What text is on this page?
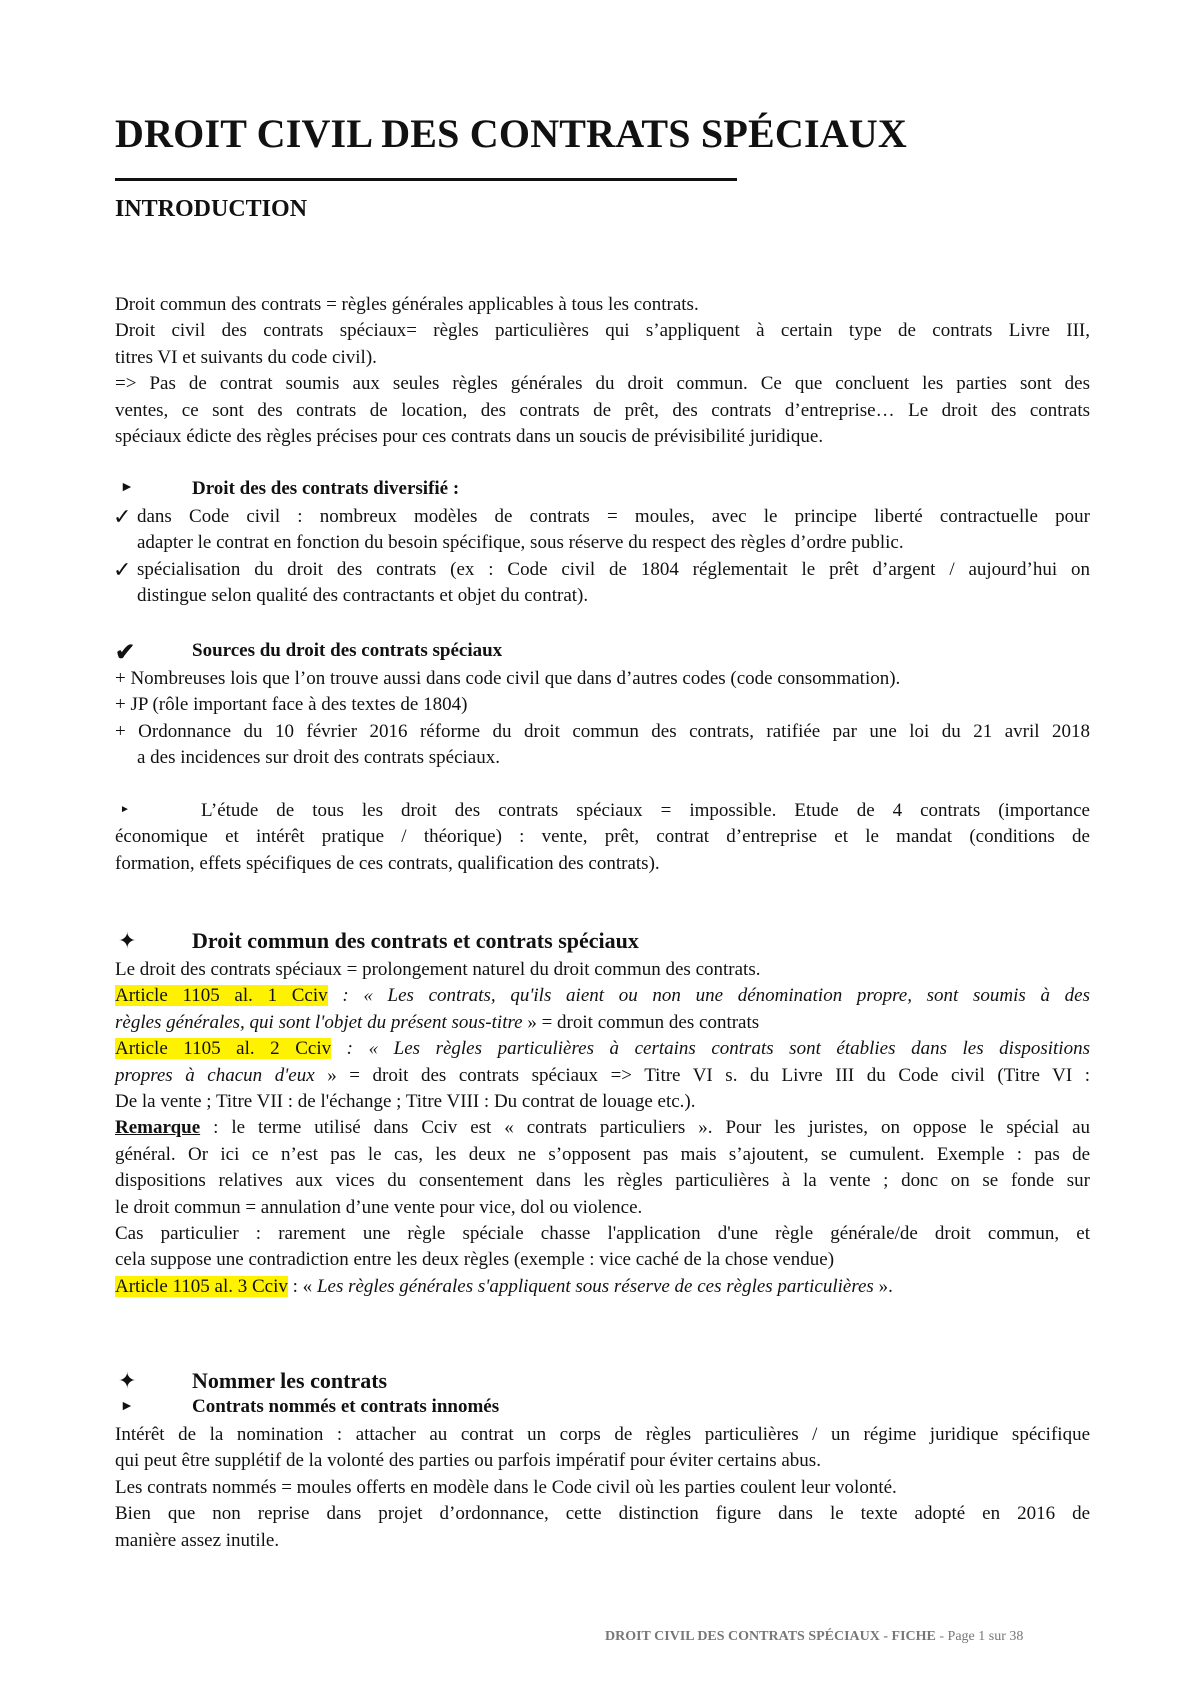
DROIT CIVIL DES CONTRATS SPÉCIAUX
INTRODUCTION
Droit commun des contrats = règles générales applicables à tous les contrats.
Droit civil des contrats spéciaux= règles particulières qui s’appliquent à certain type de contrats Livre III,
titres VI et suivants du code civil).
=> Pas de contrat soumis aux seules règles générales du droit commun. Ce que concluent les parties sont des
ventes, ce sont des contrats de location, des contrats de prêt, des contrats d’entreprise… Le droit des contrats
spéciaux édicte des règles précises pour ces contrats dans un soucis de prévisibilité juridique.
►	Droit des des contrats diversifié :
✓ dans Code civil : nombreux modèles de contrats = moules, avec le principe liberté contractuelle pour
adapter le contrat en fonction du besoin spécifique, sous réserve du respect des règles d’ordre public.
✓ spécialisation du droit des contrats (ex : Code civil de 1804 réglementait le prêt d’argent / aujourd’hui on
distingue selon qualité des contractants et objet du contrat).
✔	Sources du droit des contrats spéciaux
+ Nombreuses lois que l’on trouve aussi dans code civil que dans d’autres codes (code consommation).
+ JP (rôle important face à des textes de 1804)
+ Ordonnance du 10 février 2016 réforme du droit commun des contrats, ratifiée par une loi du 21 avril 2018
a des incidences sur droit des contrats spéciaux.
►	L’étude de tous les droit des contrats spéciaux = impossible. Etude de 4 contrats (importance
économique et intérêt pratique / théorique) : vente, prêt, contrat d’entreprise et le mandat (conditions de
formation, effets spécifiques de ces contrats, qualification des contrats).
✦	Droit commun des contrats et contrats spéciaux
Le droit des contrats spéciaux = prolongement naturel du droit commun des contrats.
Article 1105 al. 1 Cciv : « Les contrats, qu'ils aient ou non une dénomination propre, sont soumis à des
règles générales, qui sont l'objet du présent sous-titre » = droit commun des contrats
Article 1105 al. 2 Cciv : « Les règles particulières à certains contrats sont établies dans les dispositions
propres à chacun d'eux » = droit des contrats spéciaux => Titre VI s. du Livre III du Code civil (Titre VI :
De la vente ; Titre VII : de l'échange ; Titre VIII : Du contrat de louage etc.).
Remarque : le terme utilisé dans Cciv est « contrats particuliers ». Pour les juristes, on oppose le spécial au
général. Or ici ce n’est pas le cas, les deux ne s’opposent pas mais s’ajoutent, se cumulent. Exemple : pas de
dispositions relatives aux vices du consentement dans les règles particulières à la vente ; donc on se fonde sur
le droit commun = annulation d’une vente pour vice, dol ou violence.
Cas particulier : rarement une règle spéciale chasse l'application d'une règle générale/de droit commun, et
cela suppose une contradiction entre les deux règles (exemple : vice caché de la chose vendue)
Article 1105 al. 3 Cciv : « Les règles générales s'appliquent sous réserve de ces règles particulières ».
✦	Nommer les contrats
►	Contrats nommés et contrats innomés
Intérêt de la nomination : attacher au contrat un corps de règles particulières / un régime juridique spécifique
qui peut être supplétif de la volonté des parties ou parfois impératif pour éviter certains abus.
Les contrats nommés = moules offerts en modèle dans le Code civil où les parties coulent leur volonté.
Bien que non reprise dans projet d’ordonnance, cette distinction figure dans le texte adopté en 2016 de
manière assez inutile.
DROIT CIVIL DES CONTRATS SPÉCIAUX - FICHE - Page 1 sur 38
